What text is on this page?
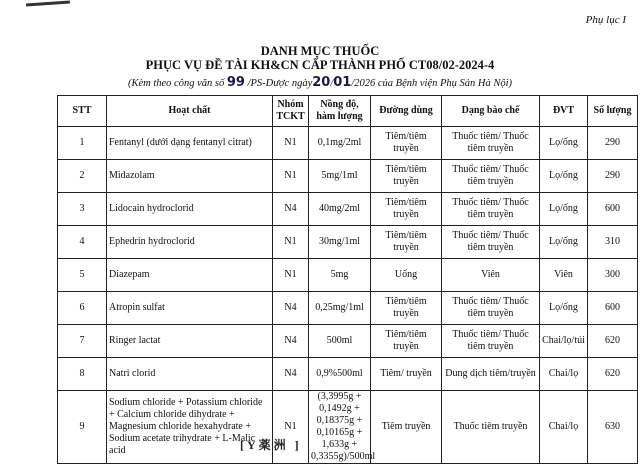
Phụ lục I
DANH MỤC THUỐC
PHỤC VỤ ĐỀ TÀI KH&CN CẤP THÀNH PHỐ CT08/02-2024-4
(Kèm theo công văn số 99 /PS-Dược ngày20/01/2026 của Bệnh viện Phụ Sản Hà Nội)
STT	Hoạt chất	Nhóm TCKT	Nồng độ, hàm lượng	Đường dùng	Dạng bào chế	ĐVT	Số lượng
1	Fentanyl (dưới dạng fentanyl citrat)	N1	0,1mg/2ml	Tiêm/tiêm truyền	Thuốc tiêm/ Thuốc tiêm truyền	Lọ/ống	290
2	Midazolam	N1	5mg/1ml	Tiêm/tiêm truyền	Thuốc tiêm/ Thuốc tiêm truyền	Lọ/ống	290
3	Lidocain hydroclorid	N4	40mg/2ml	Tiêm/tiêm truyền	Thuốc tiêm/ Thuốc tiêm truyền	Lọ/ống	600
4	Ephedrin hydroclorid	N1	30mg/1ml	Tiêm/tiêm truyền	Thuốc tiêm/ Thuốc tiêm truyền	Lọ/ống	310
5	Diazepam	N1	5mg	Uống	Viên	Viên	300
6	Atropin sulfat	N4	0,25mg/1ml	Tiêm/tiêm truyền	Thuốc tiêm/ Thuốc tiêm truyền	Lọ/ống	600
7	Ringer lactat	N4	500ml	Tiêm/tiêm truyền	Thuốc tiêm/ Thuốc tiêm truyền	Chai/lọ/túi	620
8	Natri clorid	N4	0,9%500ml	Tiêm/ truyền	Dung dịch tiêm/truyền	Chai/lọ	620
9	Sodium chloride + Potassium chloride + Calcium chloride dihydrate + Magnesium chloride hexahydrate + Sodium acetate trihydrate + L-Malic acid	N1	(3,3995g + 0,1492g + 0,18375g + 0,10165g + 1,633g + 0,3355g)/500ml	Tiêm truyền	Thuốc tiêm truyền	Chai/lọ	630
[Y薬洲 ]
